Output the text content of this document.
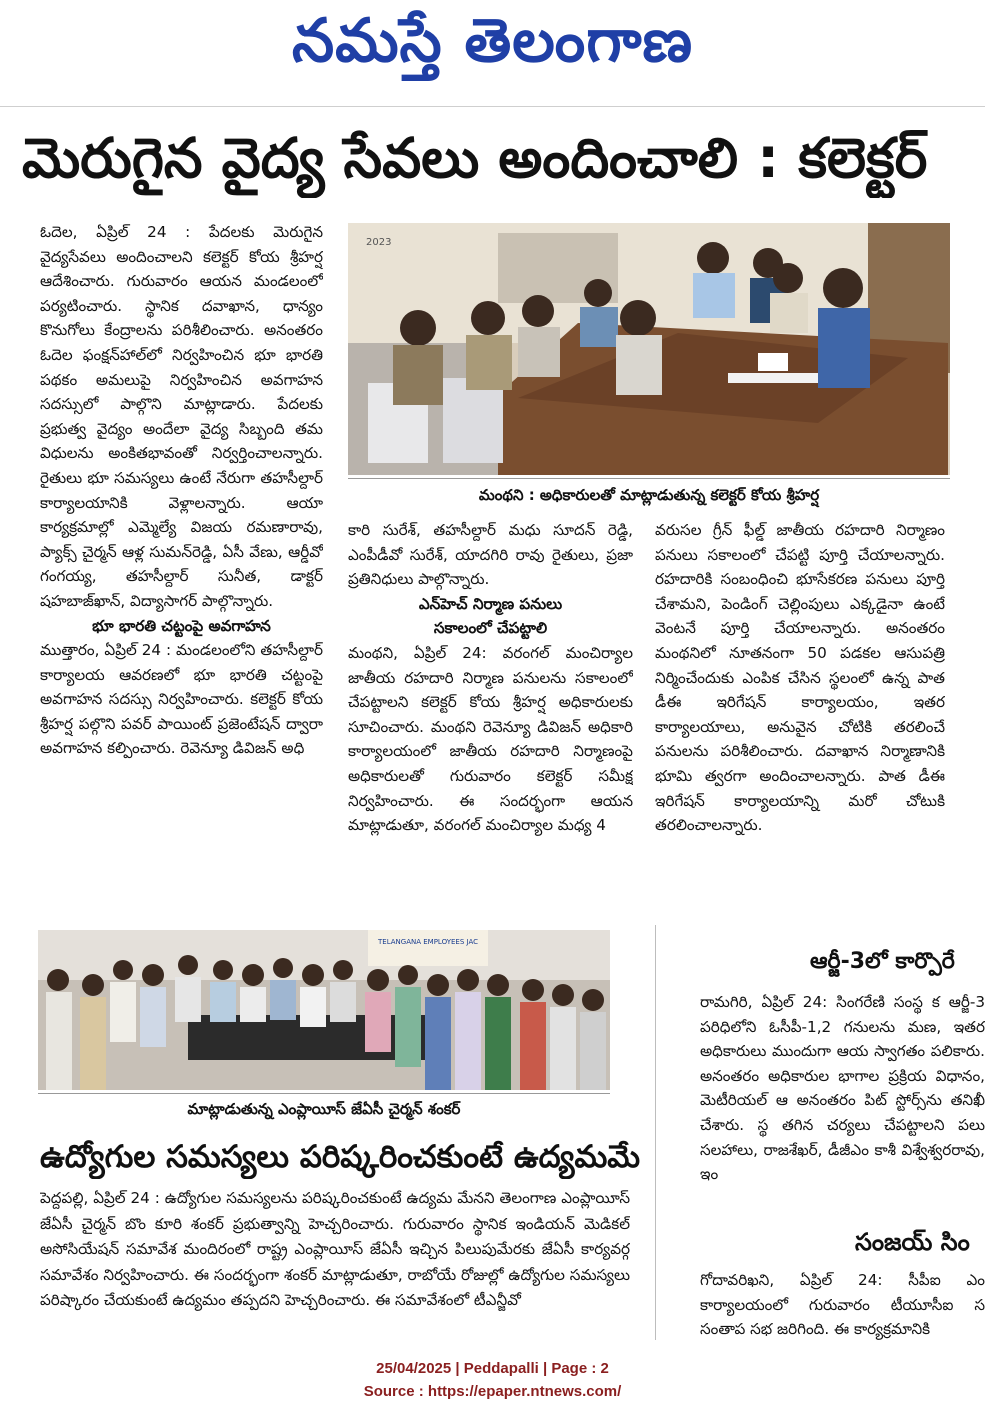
నమస్తే తెలంగాణ
మెరుగైన వైద్య సేవలు అందించాలి : కలెక్టర్

ఓదెల, ఏప్రిల్ 24 : పేదలకు మెరుగైన వైద్యసేవలు అందించాలని కలెక్టర్ కోయ శ్రీహర్ష ఆదేశించారు. గురువారం ఆయన మండలంలో పర్యటించారు. స్థానిక దవాఖాన, ధాన్యం కొనుగోలు కేంద్రాలను పరిశీలించారు. అనంతరం ఓదెల ఫంక్షన్‌హాల్‌లో నిర్వహించిన భూ భారతి పథకం అమలుపై నిర్వహించిన అవగాహన సదస్సులో పాల్గొని మాట్లాడారు. పేదలకు ప్రభుత్వ వైద్యం అందేలా వైద్య సిబ్బంది తమ విధులను అంకితభావంతో నిర్వర్తించాలన్నారు. రైతులు భూ సమస్యలు ఉంటే నేరుగా తహసీల్దార్ కార్యాలయానికి వెళ్లాలన్నారు. ఆయా కార్యక్రమాల్లో ఎమ్మెల్యే విజయ రమణారావు, ప్యాక్స్ చైర్మన్ ఆళ్ల సుమన్‌రెడ్డి, ఏసీ వేణు, ఆర్డీవో గంగయ్య, తహసీల్దార్ సునీత, డాక్టర్ షహబాజ్‌ఖాన్, విద్యాసాగర్ పాల్గొన్నారు.

భూ భారతి చట్టంపై అవగాహన

ముత్తారం, ఏప్రిల్ 24 : మండలంలోని తహసీల్దార్ కార్యాలయ ఆవరణలో భూ భారతి చట్టంపై అవగాహన సదస్సు నిర్వహించారు. కలెక్టర్ కోయ శ్రీహర్ష పల్గొని పవర్ పాయింట్ ప్రజెంటేషన్ ద్వారా అవగాహన కల్పించారు. రెవెన్యూ డివిజన్ అధి

2023
మంథని : అధికారులతో మాట్లాడుతున్న కలెక్టర్ కోయ శ్రీహర్ష

కారి సురేశ్, తహసీల్దార్ మధు సూదన్ రెడ్డి, ఎంపీడీవో సురేశ్, యాదగిరి రావు రైతులు, ప్రజా ప్రతినిధులు పాల్గొన్నారు.

ఎన్‌హెచ్ నిర్మాణ పనులు

సకాలంలో చేపట్టాలి

మంథని, ఏప్రిల్ 24: వరంగల్ మంచిర్యాల జాతీయ రహదారి నిర్మాణ పనులను సకాలంలో చేపట్టాలని కలెక్టర్ కోయ శ్రీహర్ష అధికారులకు సూచించారు. మంథని రెవెన్యూ డివిజన్ అధికారి కార్యాలయంలో జాతీయ రహదారి నిర్మాణంపై అధికారులతో గురువారం కలెక్టర్ సమీక్ష నిర్వహించారు. ఈ సందర్భంగా ఆయన మాట్లాడుతూ, వరంగల్ మంచిర్యాల మధ్య 4

వరుసల గ్రీన్ ఫీల్డ్ జాతీయ రహదారి నిర్మాణం పనులు సకాలంలో చేపట్టి పూర్తి చేయాలన్నారు. రహదారికి సంబంధించి భూసేకరణ పనులు పూర్తి చేశామని, పెండింగ్ చెల్లింపులు ఎక్కడైనా ఉంటే వెంటనే పూర్తి చేయాలన్నారు. అనంతరం మంథనిలో నూతనంగా 50 పడకల ఆసుపత్రి నిర్మించేందుకు ఎంపిక చేసిన స్థలంలో ఉన్న పాత డీఈ ఇరిగేషన్ కార్యాలయం, ఇతర కార్యాలయాలు, అనువైన చోటికి తరలించే పనులను పరిశీలించారు. దవాఖాన నిర్మాణానికి భూమి త్వరగా అందించాలన్నారు. పాత డీఈ ఇరిగేషన్ కార్యాలయాన్ని మరో చోటుకి తరలించాలన్నారు.

TELANGANA EMPLOYEES JAC
మాట్లాడుతున్న ఎంప్లాయీస్ జేఏసీ చైర్మన్ శంకర్
ఉద్యోగుల సమస్యలు పరిష్కరించకుంటే ఉద్యమమే

పెద్దపల్లి, ఏప్రిల్ 24 : ఉద్యోగుల సమస్యలను పరిష్కరించకుంటే ఉద్యమ మేనని తెలంగాణ ఎంప్లాయీస్ జేఏసీ చైర్మన్ బొం కూరి శంకర్ ప్రభుత్వాన్ని హెచ్చరించారు. గురువారం స్థానిక ఇండియన్ మెడికల్ అసోసియేషన్ సమావేశ మందిరంలో రాష్ట్ర ఎంప్లాయీస్ జేఏసీ ఇచ్చిన పిలుపుమేరకు జేఏసీ కార్యవర్గ సమావేశం నిర్వహించారు. ఈ సందర్భంగా శంకర్ మాట్లాడుతూ, రాబోయే రోజుల్లో ఉద్యోగుల సమస్యలు పరిష్కారం చేయకుంటే ఉద్యమం తప్పదని హెచ్చరించారు. ఈ సమావేశంలో టీఎన్జీవో

ఆర్జీ-3లో కార్పొరే

రామగిరి, ఏప్రిల్ 24: సింగరేణి సంస్థ క ఆర్జీ-3 పరిధిలోని ఓసీపీ-1,2 గనులను మణ, ఇతర అధికారులు ముందుగా ఆయ స్వాగతం పలికారు. అనంతరం అధికారుల భాగాల ప్రక్రియ విధానం, మెటీరియల్ ఆ అనంతరం పిట్ స్టోర్స్‌ను తనిఖీ చేశారు. స్థ తగిన చర్యలు చేపట్టాలని పలు సలహాలు, రాజశేఖర్, డీజీఎం కాశీ విశ్వేశ్వరరావు, ఇం

సంజయ్ సిం

గోదావరిఖని, ఏప్రిల్ 24: సీపీఐ ఎం కార్యాలయంలో గురువారం టీయూసీఐ స సంతాప సభ జరిగింది. ఈ కార్యక్రమానికి

25/04/2025 | Peddapalli | Page : 2
Source : https://epaper.ntnews.com/
